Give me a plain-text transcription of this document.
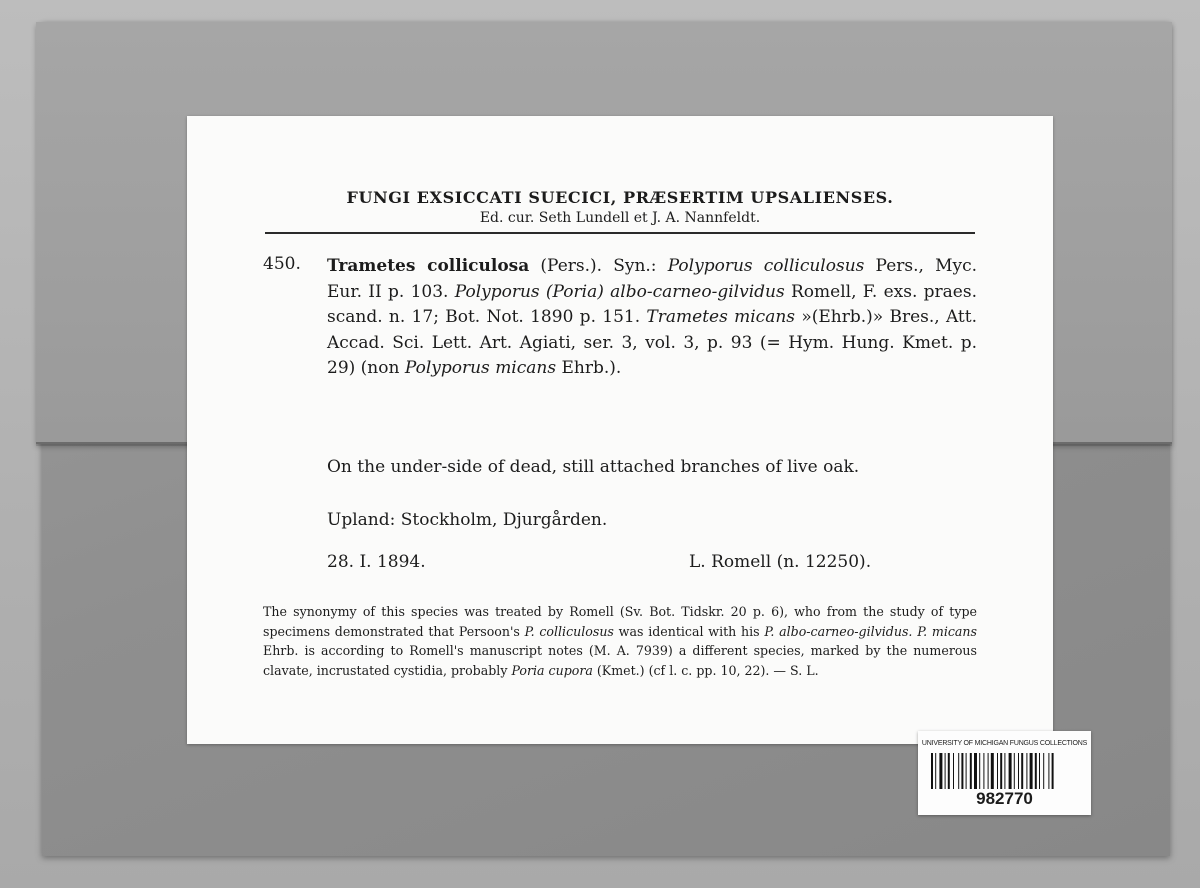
FUNGI EXSICCATI SUECICI, PRÆSERTIM UPSALIENSES.
Ed. cur. Seth Lundell et J. A. Nannfeldt.
450. Trametes colliculosa (Pers.). Syn.: Polyporus colliculosus Pers., Myc. Eur. II p. 103. Polyporus (Poria) albo-carneo-gilvidus Romell, F. exs. praes. scand. n. 17; Bot. Not. 1890 p. 151. Trametes micans »(Ehrb.)» Bres., Att. Accad. Sci. Lett. Art. Agiati, ser. 3, vol. 3, p. 93 (= Hym. Hung. Kmet. p. 29) (non Polyporus micans Ehrb.).
On the under-side of dead, still attached branches of live oak.
Upland: Stockholm, Djurgården.
28. I. 1894.	L. Romell (n. 12250).
The synonymy of this species was treated by Romell (Sv. Bot. Tidskr. 20 p. 6), who from the study of type specimens demonstrated that Persoon's P. colliculosus was identical with his P. albo-carneo-gilvidus. P. micans Ehrb. is according to Romell's manuscript notes (M. A. 7939) a different species, marked by the numerous clavate, incrustated cystidia, probably Poria cupora (Kmet.) (cf l. c. pp. 10, 22). — S. L.
UNIVERSITY OF MICHIGAN FUNGUS COLLECTIONS
982770
